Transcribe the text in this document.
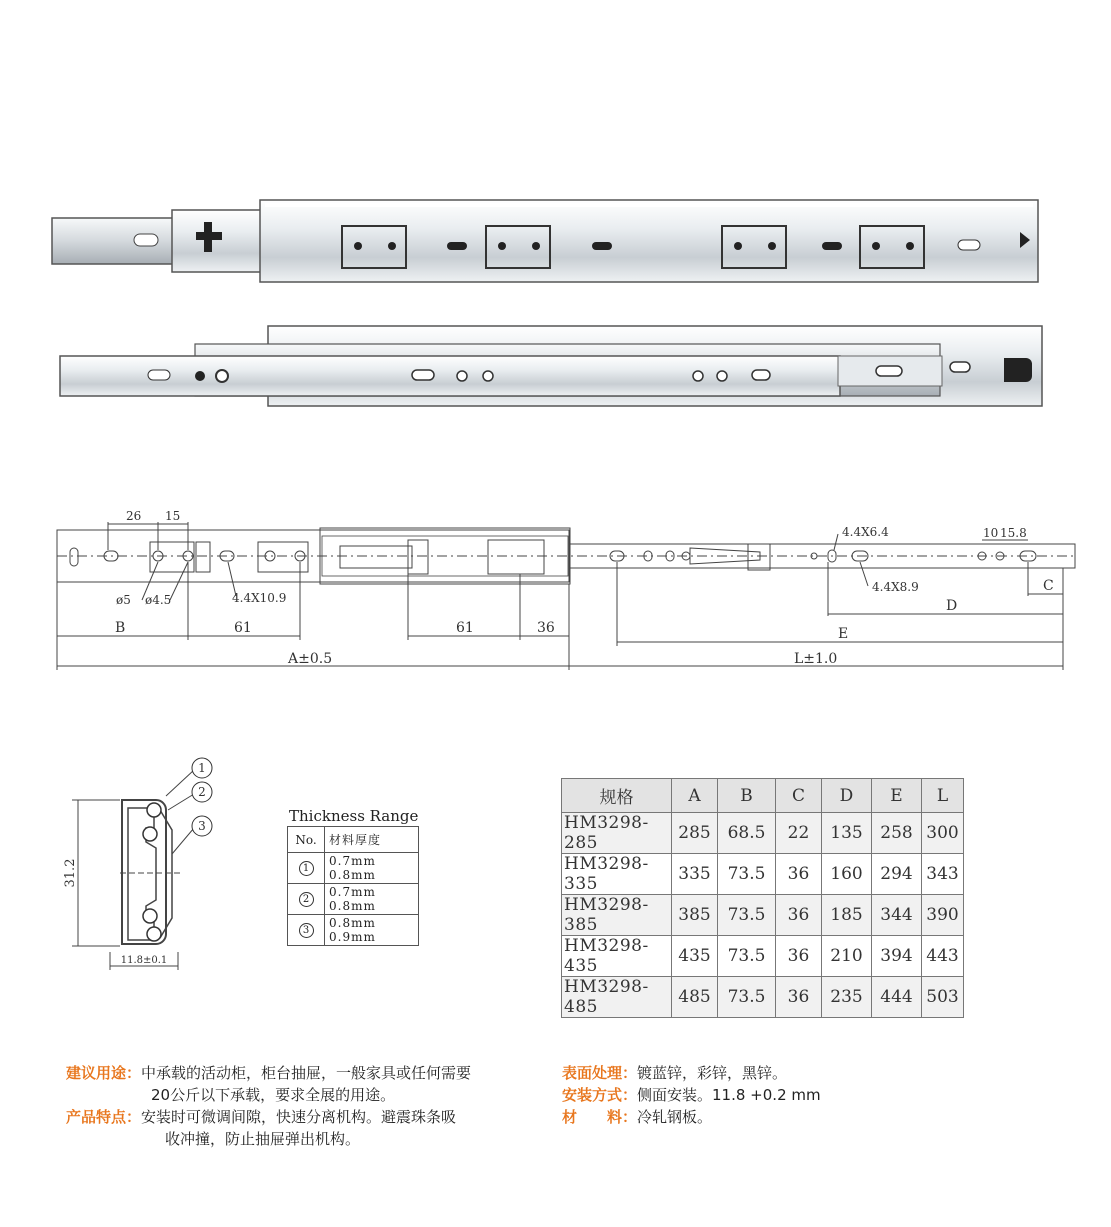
26 15
10 15.8
4.4X6.4
4.4X8.9
4.4X10.9
ø5 ø4.5
B	61	61	36	E
D
C
A±0.5	L±1.0
1
2
3
31.2
11.8±0.1
Thickness Range
No.	材料厚度
1	0.7mm 0.8mm
2	0.7mm 0.8mm
3	0.8mm 0.9mm
规格	A	B	C	D	E	L
HM3298-285	285	68.5	22	135	258	300
HM3298-335	335	73.5	36	160	294	343
HM3298-385	385	73.5	36	185	344	390
HM3298-435	435	73.5	36	210	394	443
HM3298-485	485	73.5	36	235	444	503
建议用途：中承载的活动柜，柜台抽屉，一般家具或任何需要
20公斤以下承载，要求全展的用途。
产品特点：安装时可微调间隙，快速分离机构。避震珠条吸
收冲撞，防止抽屉弹出机构。
表面处理：镀蓝锌，彩锌，黑锌。
安装方式：侧面安装。11.8 +0.2 mm
材　　料：冷轧钢板。
